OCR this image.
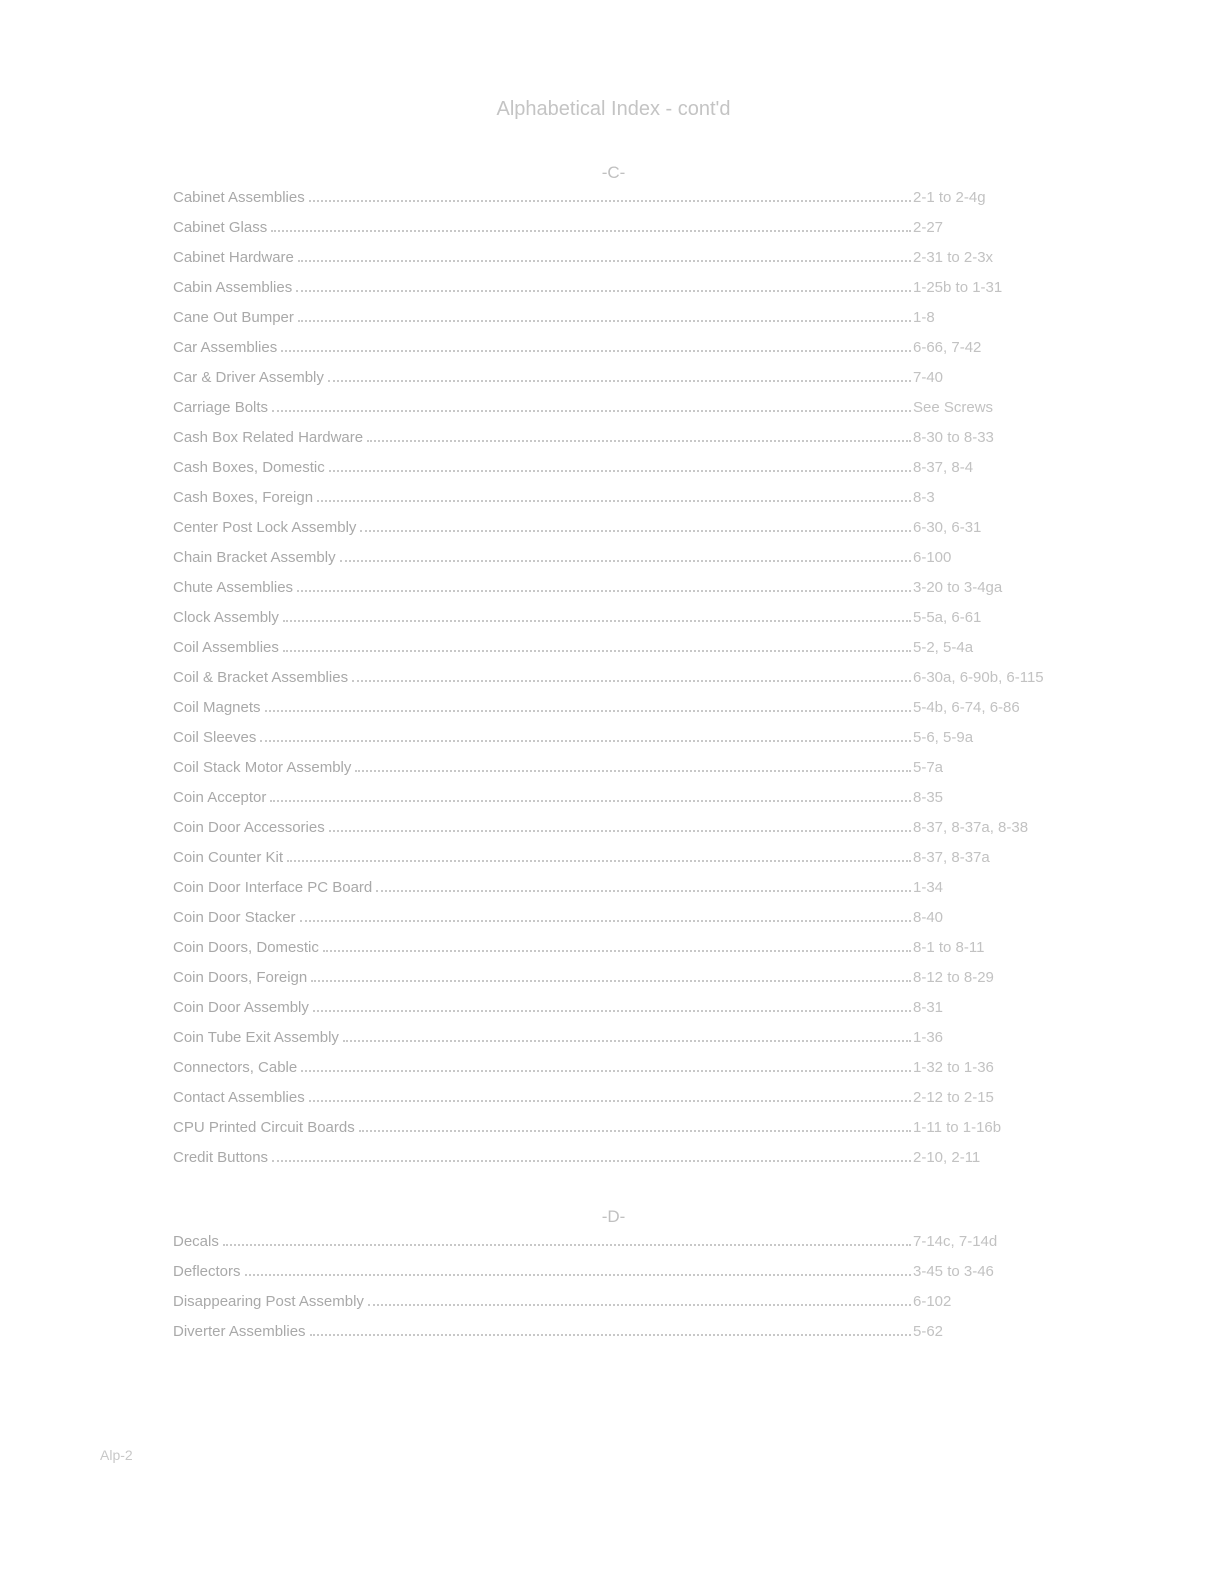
Alphabetical Index - cont'd
-C-
Cabinet Assemblies	2-1 to 2-4g
Cabinet Glass	2-27
Cabinet Hardware	2-31 to 2-3x
Cabin Assemblies	1-25b to 1-31
Cane Out Bumper	1-8
Car Assemblies	6-66, 7-42
Car & Driver Assembly	7-40
Carriage Bolts	See Screws
Cash Box Related Hardware	8-30 to 8-33
Cash Boxes, Domestic	8-37, 8-4
Cash Boxes, Foreign	8-3
Center Post Lock Assembly	6-30, 6-31
Chain Bracket Assembly	6-100
Chute Assemblies	3-20 to 3-4ga
Clock Assembly	5-5a, 6-61
Coil Assemblies	5-2, 5-4a
Coil & Bracket Assemblies	6-30a, 6-90b, 6-115
Coil Magnets	5-4b, 6-74, 6-86
Coil Sleeves	5-6, 5-9a
Coil Stack Motor Assembly	5-7a
Coin Acceptor	8-35
Coin Door Accessories	8-37, 8-37a, 8-38
Coin Counter Kit	8-37, 8-37a
Coin Door Interface PC Board	1-34
Coin Door Stacker	8-40
Coin Doors, Domestic	8-1 to 8-11
Coin Doors, Foreign	8-12 to 8-29
Coin Door Assembly	8-31
Coin Tube Exit Assembly	1-36
Connectors, Cable	1-32 to 1-36
Contact Assemblies	2-12 to 2-15
CPU Printed Circuit Boards	1-11 to 1-16b
Credit Buttons	2-10, 2-11
-D-
Decals	7-14c, 7-14d
Deflectors	3-45 to 3-46
Disappearing Post Assembly	6-102
Diverter Assemblies	5-62
Alp-2
